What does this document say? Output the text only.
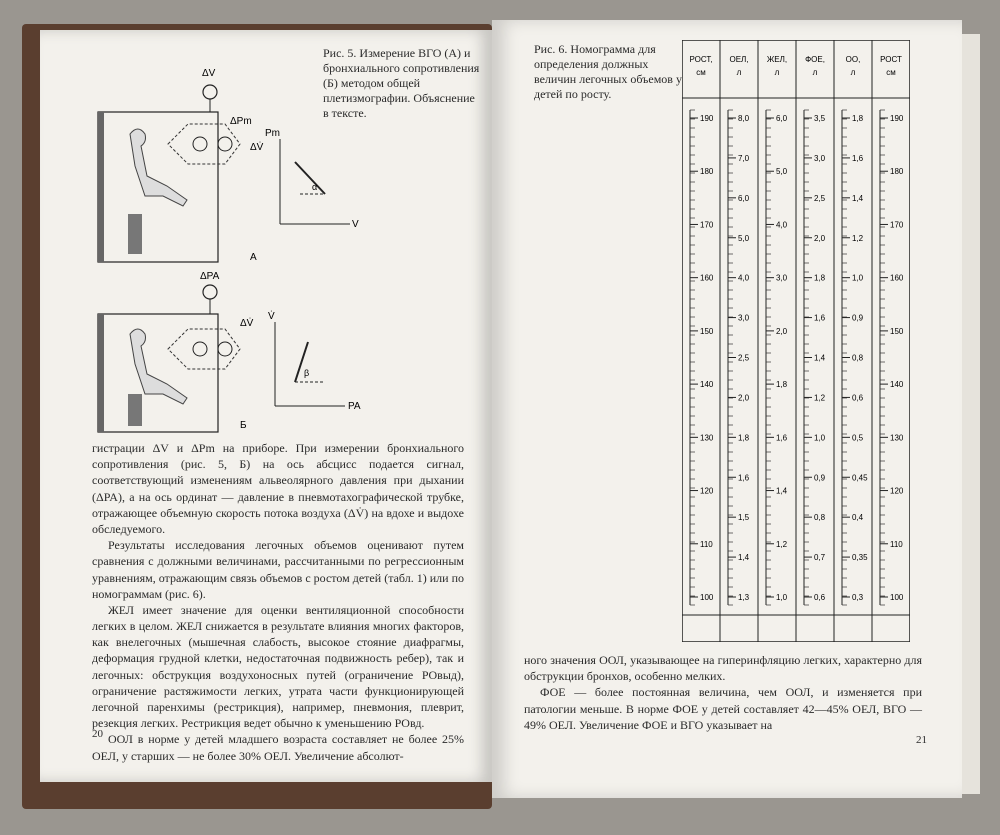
Рис. 5. Измерение ВГО (А) и бронхиального сопротивления (Б) методом общей плетизмографии. Объяснение в тексте.
ΔV
ΔPm
ΔV̇
А
Pm
V
α
ΔPA
ΔV̇
Б
V̇
PA
β

гистрации ΔV и ΔPm на приборе. При измерении бронхиального сопротивления (рис. 5, Б) на ось абсцисс подается сигнал, соответствующий изменениям альвеолярного давления при дыхании (ΔPA), а на ось ординат — давление в пневмотахографической трубке, отражающее объемную скорость потока воздуха (ΔV̇) на вдохе и выдохе обследуемого.

Результаты исследования легочных объемов оценивают путем сравнения с должными величинами, рассчитанными по регрессионным уравнениям, отражающим связь объемов с ростом детей (табл. 1) или по номограммам (рис. 6).

ЖЕЛ имеет значение для оценки вентиляционной способности легких в целом. ЖЕЛ снижается в результате влияния многих факторов, как внелегочных (мышечная слабость, высокое стояние диафрагмы, деформация грудной клетки, недостаточная подвижность ребер), так и легочных: обструкция воздухоносных путей (ограничение POвыд), ограничение растяжимости легких, утрата части функционирующей легочной паренхимы (рестрикция), например, пневмония, плеврит, резекция легких. Рестрикция ведет обычно к уменьшению POвд.

ООЛ в норме у детей младшего возраста составляет не более 25% ОЕЛ, у старших — не более 30% ОЕЛ. Увеличение абсолют-

20
Рис. 6. Номограмма для определения должных величин легочных объемов у детей по росту.

ного значения ООЛ, указывающее на гиперинфляцию легких, характерно для обструкции бронхов, особенно мелких.

ФОЕ — более постоянная величина, чем ООЛ, и изменяется при патологии меньше. В норме ФОЕ у детей составляет 42—45% ОЕЛ, ВГО — 49% ОЕЛ. Увеличение ФОЕ и ВГО указывает на

21
РОСТ,
см
190
180
170
160
150
140
130
120
110
100
ОЕЛ,
л
8,0
7,0
6,0
5,0
4,0
3,0
2,5
2,0
1,8
1,6
1,5
1,4
1,3
ЖЕЛ,
л
6,0
5,0
4,0
3,0
2,0
1,8
1,6
1,4
1,2
1,0
ФОЕ,
л
3,5
3,0
2,5
2,0
1,8
1,6
1,4
1,2
1,0
0,9
0,8
0,7
0,6
ОО,
л
1,8
1,6
1,4
1,2
1,0
0,9
0,8
0,6
0,5
0,45
0,4
0,35
0,3
РОСТ
см
190
180
170
160
150
140
130
120
110
100
